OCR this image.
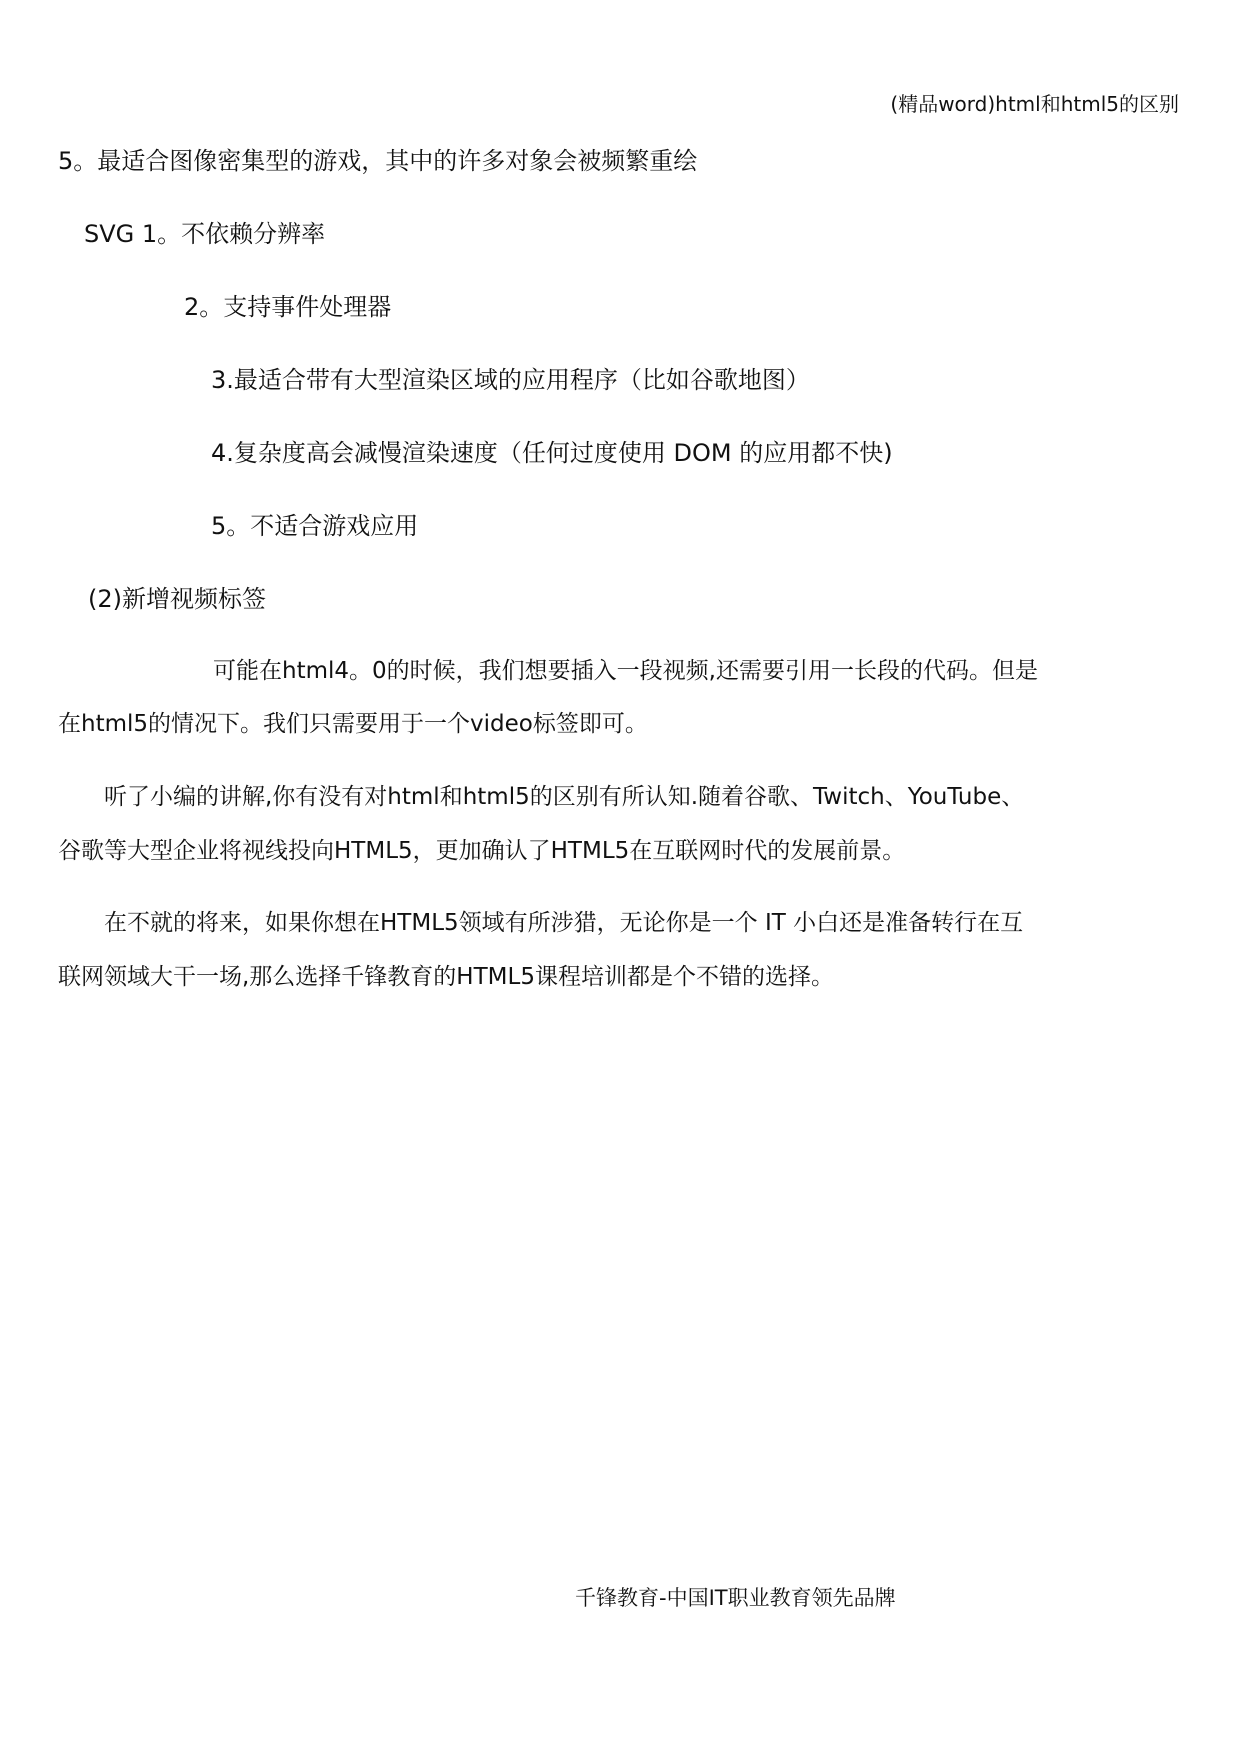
(精品word)html和html5的区别
5。最适合图像密集型的游戏，其中的许多对象会被频繁重绘
SVG 1。不依赖分辨率
2。支持事件处理器
3.最适合带有大型渲染区域的应用程序（比如谷歌地图）
4.复杂度高会减慢渲染速度（任何过度使用 DOM 的应用都不快)
5。不适合游戏应用
(2)新增视频标签
可能在html4。0的时候，我们想要插入一段视频,还需要引用一长段的代码。但是
在html5的情况下。我们只需要用于一个video标签即可。
听了小编的讲解,你有没有对html和html5的区别有所认知.随着谷歌、Twitch、YouTube、
谷歌等大型企业将视线投向HTML5，更加确认了HTML5在互联网时代的发展前景。
在不就的将来，如果你想在HTML5领域有所涉猎，无论你是一个 IT 小白还是准备转行在互
联网领域大干一场,那么选择千锋教育的HTML5课程培训都是个不错的选择。
千锋教育-中国IT职业教育领先品牌
